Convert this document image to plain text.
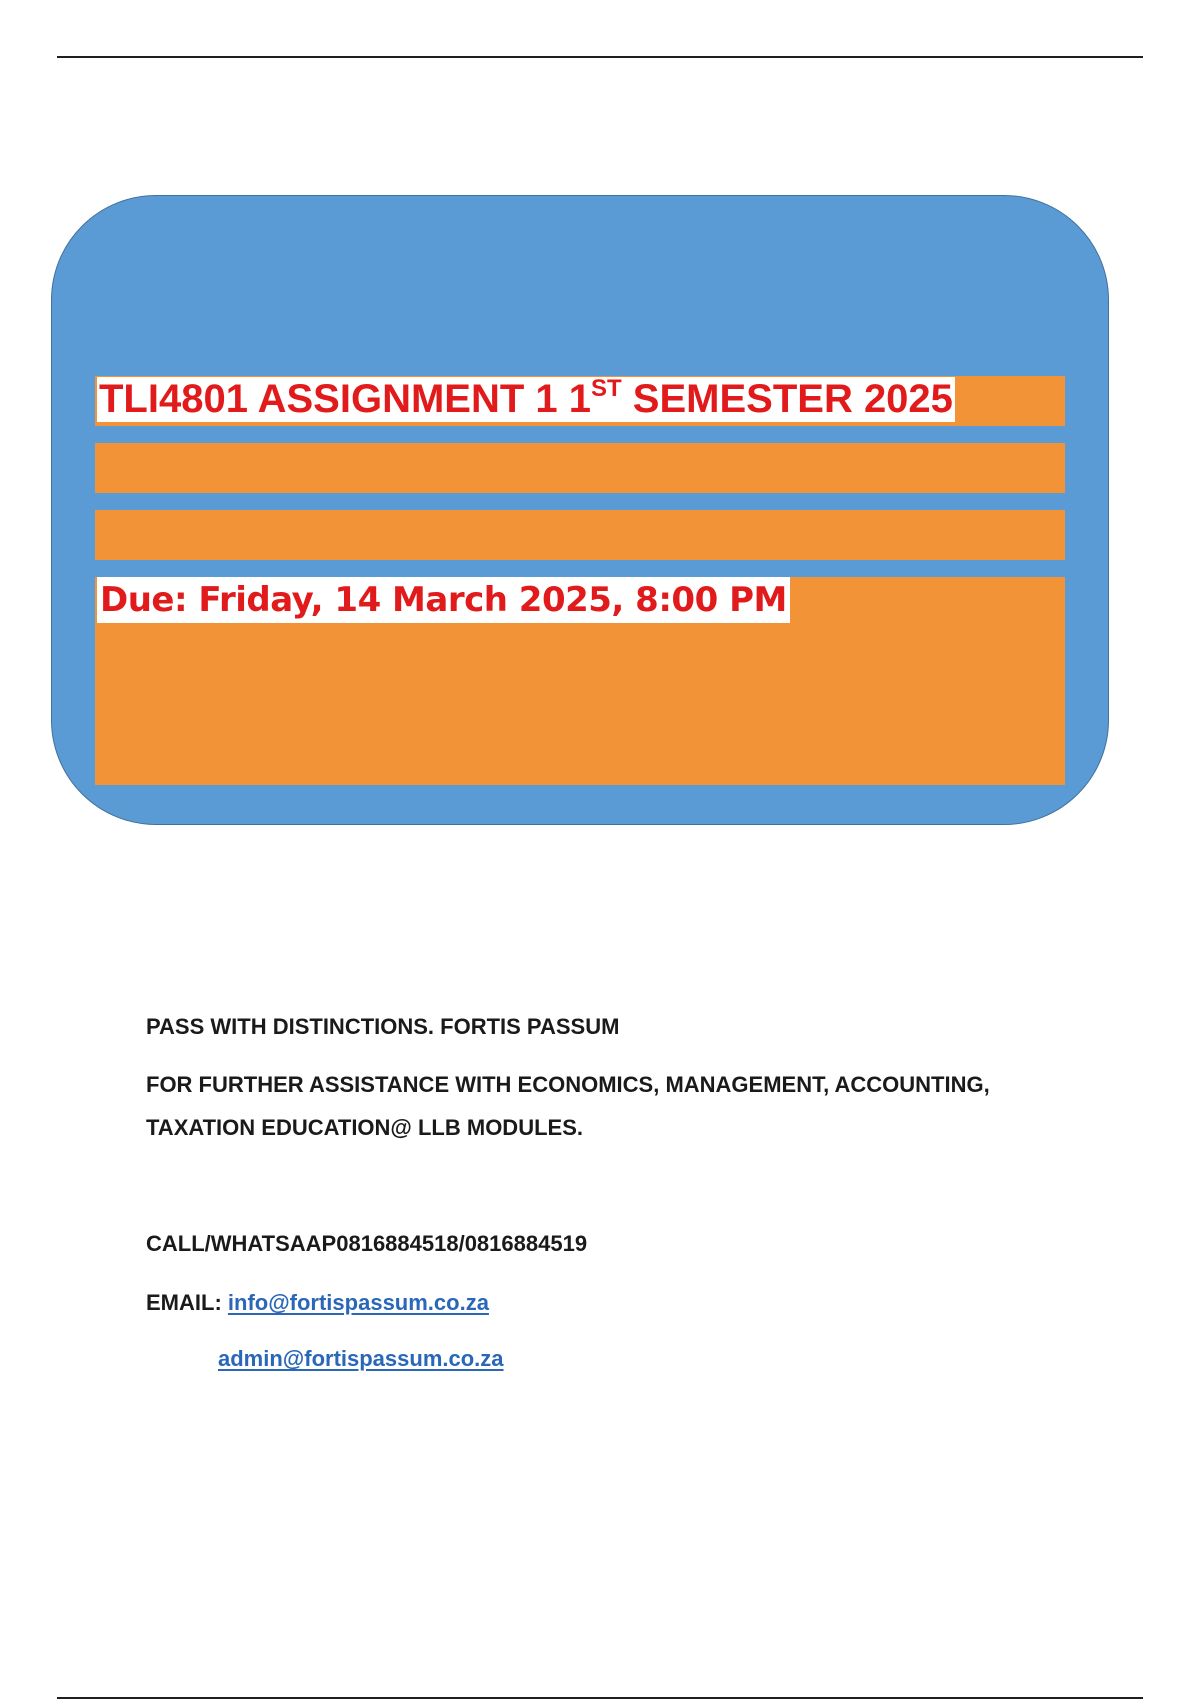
TLI4801 ASSIGNMENT 1 1ST SEMESTER 2025
Due: Friday, 14 March 2025, 8:00 PM
PASS WITH DISTINCTIONS. FORTIS PASSUM
FOR FURTHER ASSISTANCE WITH ECONOMICS, MANAGEMENT, ACCOUNTING,
TAXATION EDUCATION@ LLB MODULES.
CALL/WHATSAAP0816884518/0816884519
EMAIL: info@fortispassum.co.za
admin@fortispassum.co.za
